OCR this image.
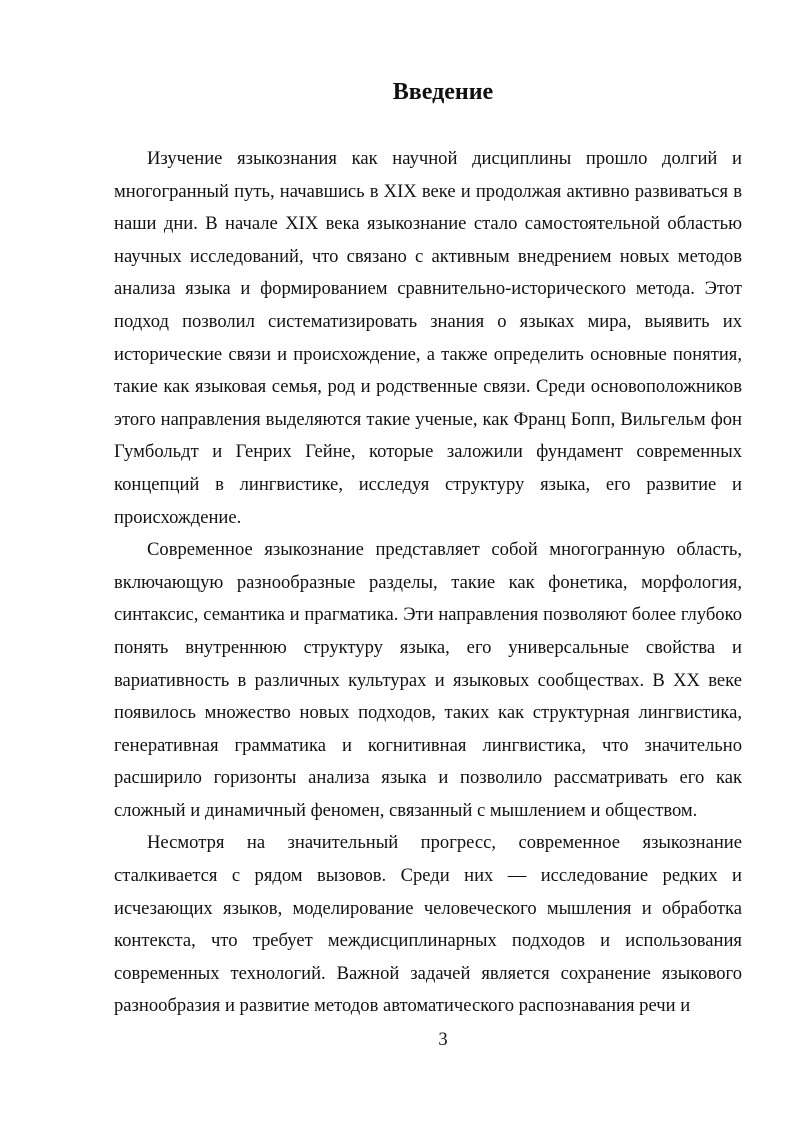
Введение

Изучение языкознания как научной дисциплины прошло долгий и многогранный путь, начавшись в XIX веке и продолжая активно развиваться в наши дни. В начале XIX века языкознание стало самостоятельной областью научных исследований, что связано с активным внедрением новых методов анализа языка и формированием сравнительно-исторического метода. Этот подход позволил систематизировать знания о языках мира, выявить их исторические связи и происхождение, а также определить основные понятия, такие как языковая семья, род и родственные связи. Среди основоположников этого направления выделяются такие ученые, как Франц Бопп, Вильгельм фон Гумбольдт и Генрих Гейне, которые заложили фундамент современных концепций в лингвистике, исследуя структуру языка, его развитие и происхождение.

Современное языкознание представляет собой многогранную область, включающую разнообразные разделы, такие как фонетика, морфология, синтаксис, семантика и прагматика. Эти направления позволяют более глубоко понять внутреннюю структуру языка, его универсальные свойства и вариативность в различных культурах и языковых сообществах. В XX веке появилось множество новых подходов, таких как структурная лингвистика, генеративная грамматика и когнитивная лингвистика, что значительно расширило горизонты анализа языка и позволило рассматривать его как сложный и динамичный феномен, связанный с мышлением и обществом.

Несмотря на значительный прогресс, современное языкознание сталкивается с рядом вызовов. Среди них — исследование редких и исчезающих языков, моделирование человеческого мышления и обработка контекста, что требует междисциплинарных подходов и использования современных технологий. Важной задачей является сохранение языкового разнообразия и развитие методов автоматического распознавания речи и

3
